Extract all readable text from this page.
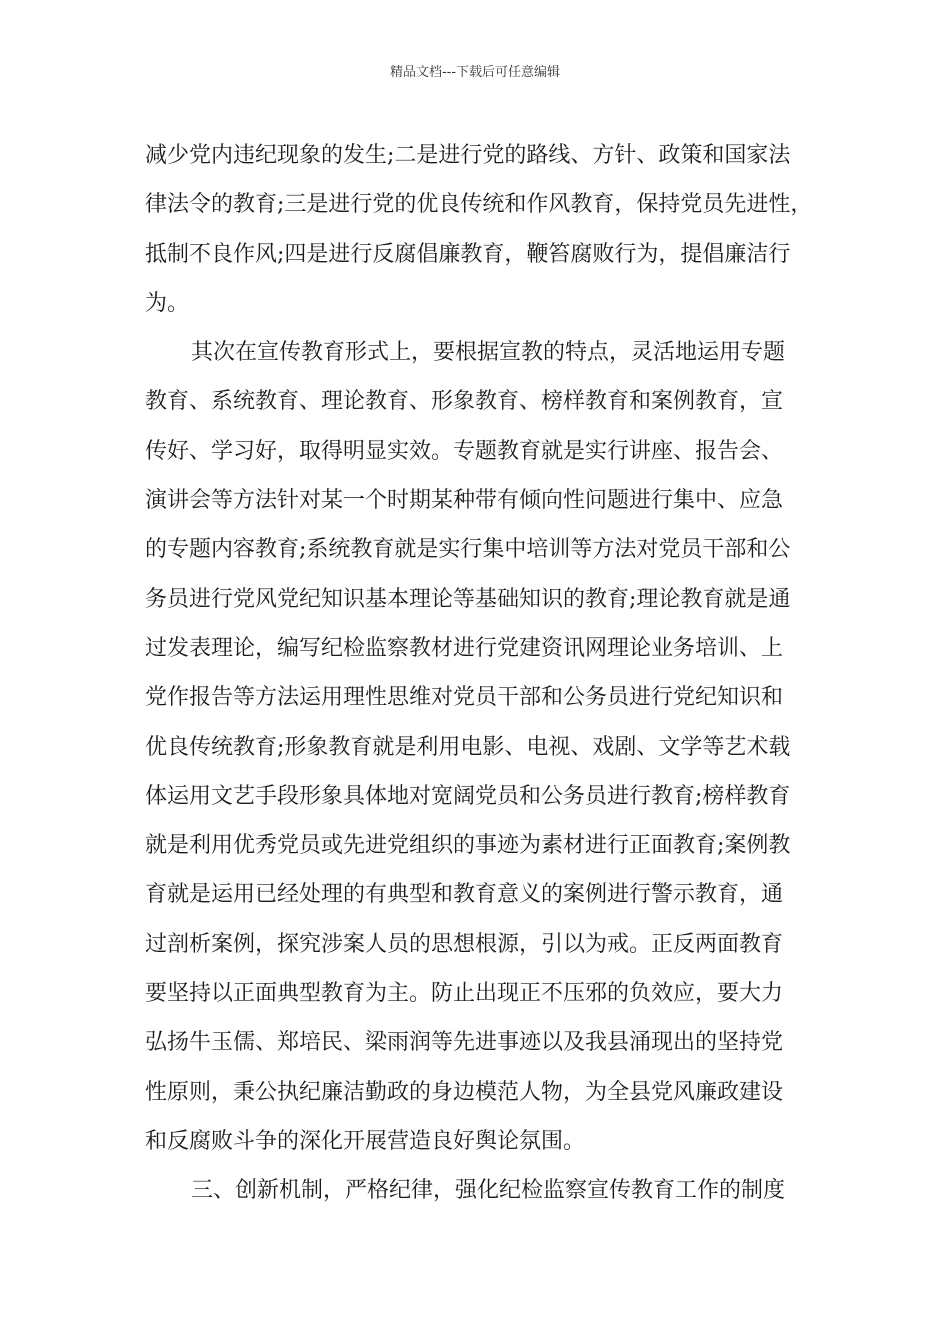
精品文档---下载后可任意编辑
减少党内违纪现象的发生;二是进行党的路线、方针、政策和国家法
律法令的教育;三是进行党的优良传统和作风教育，保持党员先进性，
抵制不良作风;四是进行反腐倡廉教育，鞭笞腐败行为，提倡廉洁行
为。
其次在宣传教育形式上，要根据宣教的特点，灵活地运用专题
教育、系统教育、理论教育、形象教育、榜样教育和案例教育，宣
传好、学习好，取得明显实效。专题教育就是实行讲座、报告会、
演讲会等方法针对某一个时期某种带有倾向性问题进行集中、应急
的专题内容教育;系统教育就是实行集中培训等方法对党员干部和公
务员进行党风党纪知识基本理论等基础知识的教育;理论教育就是通
过发表理论，编写纪检监察教材进行党建资讯网理论业务培训、上
党作报告等方法运用理性思维对党员干部和公务员进行党纪知识和
优良传统教育;形象教育就是利用电影、电视、戏剧、文学等艺术载
体运用文艺手段形象具体地对宽阔党员和公务员进行教育;榜样教育
就是利用优秀党员或先进党组织的事迹为素材进行正面教育;案例教
育就是运用已经处理的有典型和教育意义的案例进行警示教育，通
过剖析案例，探究涉案人员的思想根源，引以为戒。正反两面教育
要坚持以正面典型教育为主。防止出现正不压邪的负效应，要大力
弘扬牛玉儒、郑培民、梁雨润等先进事迹以及我县涌现出的坚持党
性原则，秉公执纪廉洁勤政的身边模范人物，为全县党风廉政建设
和反腐败斗争的深化开展营造良好舆论氛围。
三、创新机制，严格纪律，强化纪检监察宣传教育工作的制度
